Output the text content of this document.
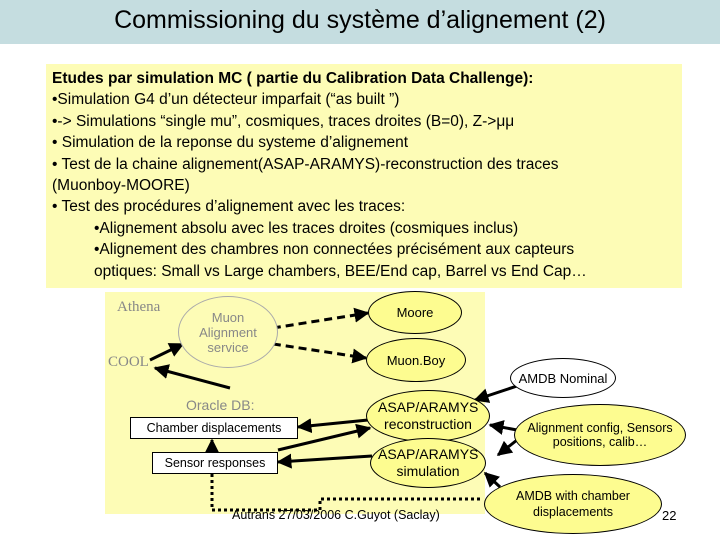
Commissioning du système d’alignement (2)
Etudes par simulation MC ( partie du Calibration Data Challenge):
•Simulation G4 d’un détecteur imparfait (“as built ”)
•-> Simulations “single mu”, cosmiques, traces droites (B=0), Z->μμ
• Simulation de la reponse du systeme d’alignement
• Test de la chaine alignement(ASAP-ARAMYS)-reconstruction des traces
(Muonboy-MOORE)
• Test des procédures d’alignement avec les traces:
•Alignement absolu avec les traces droites (cosmiques inclus)
•Alignement des chambres non connectées précisément aux capteurs
optiques: Small vs Large chambers, BEE/End cap, Barrel vs End Cap…
Athena
COOL
Muon Alignment service
Moore
Muon.Boy
Oracle DB:
Chamber displacements
Sensor responses
ASAP/ARAMYS reconstruction
ASAP/ARAMYS simulation
AMDB Nominal
Alignment config, Sensors positions, calib…
AMDB with chamber displacements
Autrans 27/03/2006 C.Guyot (Saclay)	22
